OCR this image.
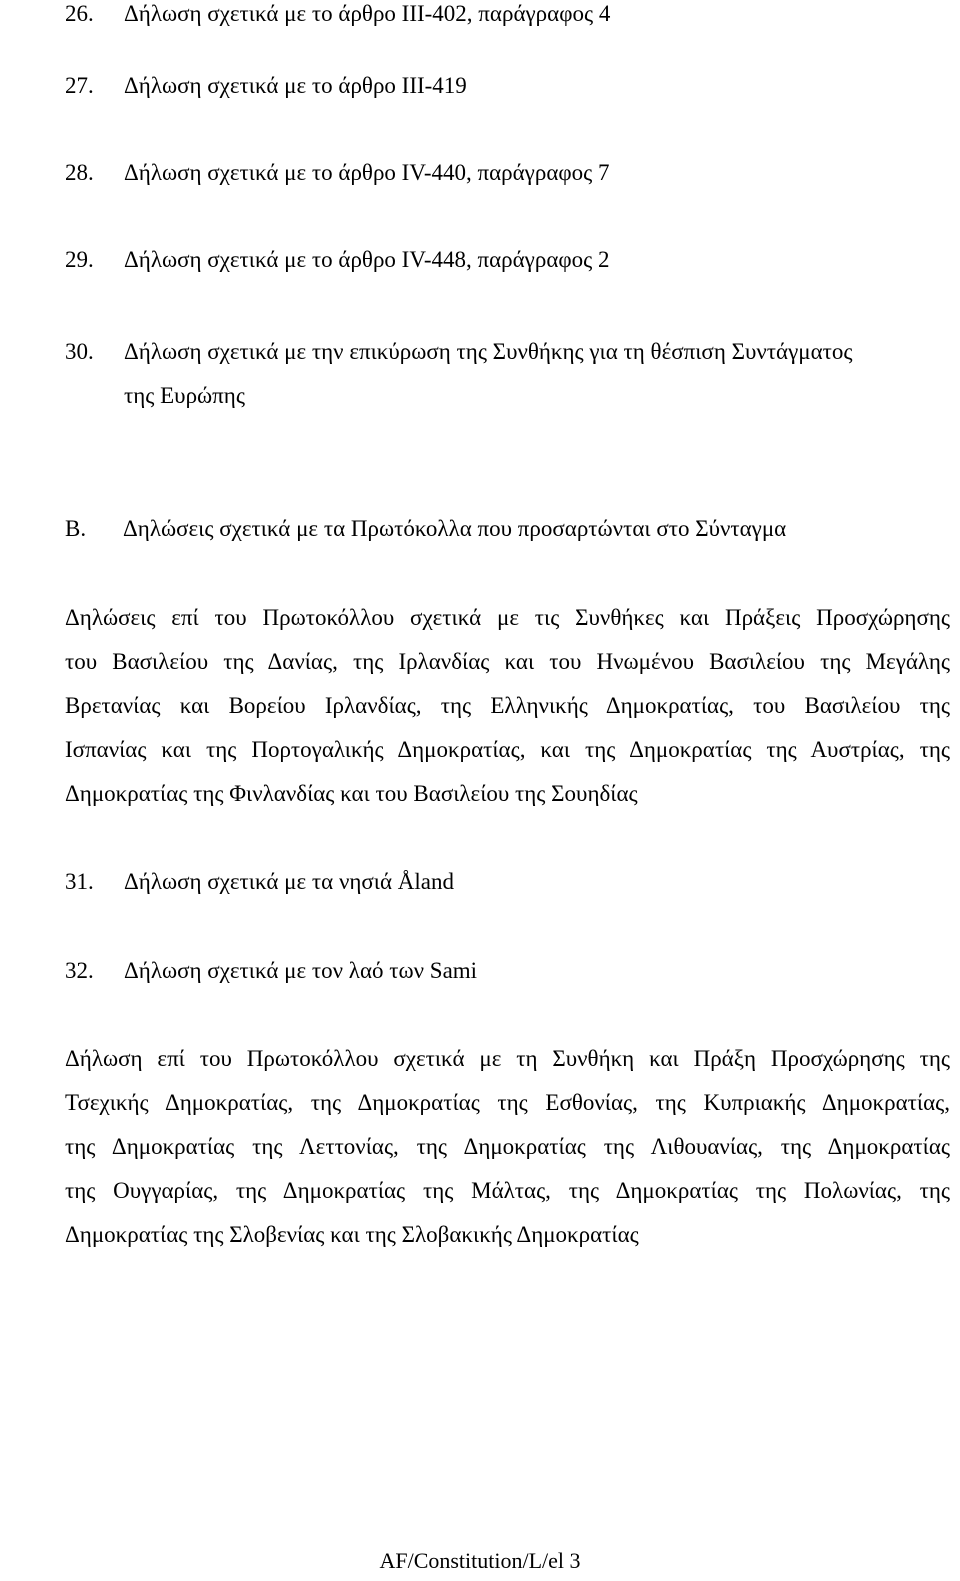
26. Δήλωση σχετικά με το άρθρο ΙΙΙ-402, παράγραφος 4
27. Δήλωση σχετικά με το άρθρο ΙΙΙ-419
28. Δήλωση σχετικά με το άρθρο IV-440, παράγραφος 7
29. Δήλωση σχετικά με το άρθρο IV-448, παράγραφος 2
30. Δήλωση σχετικά με την επικύρωση της Συνθήκης για τη θέσπιση Συντάγματος
της Ευρώπης
Β. Δηλώσεις σχετικά με τα Πρωτόκολλα που προσαρτώνται στο Σύνταγμα
Δηλώσεις επί του Πρωτοκόλλου σχετικά με τις Συνθήκες και Πράξεις Προσχώρησης
του Βασιλείου της Δανίας, της Ιρλανδίας και του Ηνωμένου Βασιλείου της Μεγάλης
Βρετανίας και Βορείου Ιρλανδίας, της Ελληνικής Δημοκρατίας, του Βασιλείου της
Ισπανίας και της Πορτογαλικής Δημοκρατίας, και της Δημοκρατίας της Αυστρίας, της
Δημοκρατίας της Φινλανδίας και του Βασιλείου της Σουηδίας
31. Δήλωση σχετικά με τα νησιά Åland
32. Δήλωση σχετικά με τον λαό των Sami
Δήλωση επί του Πρωτοκόλλου σχετικά με τη Συνθήκη και Πράξη Προσχώρησης της
Τσεχικής Δημοκρατίας, της Δημοκρατίας της Εσθονίας, της Κυπριακής Δημοκρατίας,
της Δημοκρατίας της Λεττονίας, της Δημοκρατίας της Λιθουανίας, της Δημοκρατίας
της Ουγγαρίας, της Δημοκρατίας της Μάλτας, της Δημοκρατίας της Πολωνίας, της
Δημοκρατίας της Σλοβενίας και της Σλοβακικής Δημοκρατίας
AF/Constitution/L/el 3
